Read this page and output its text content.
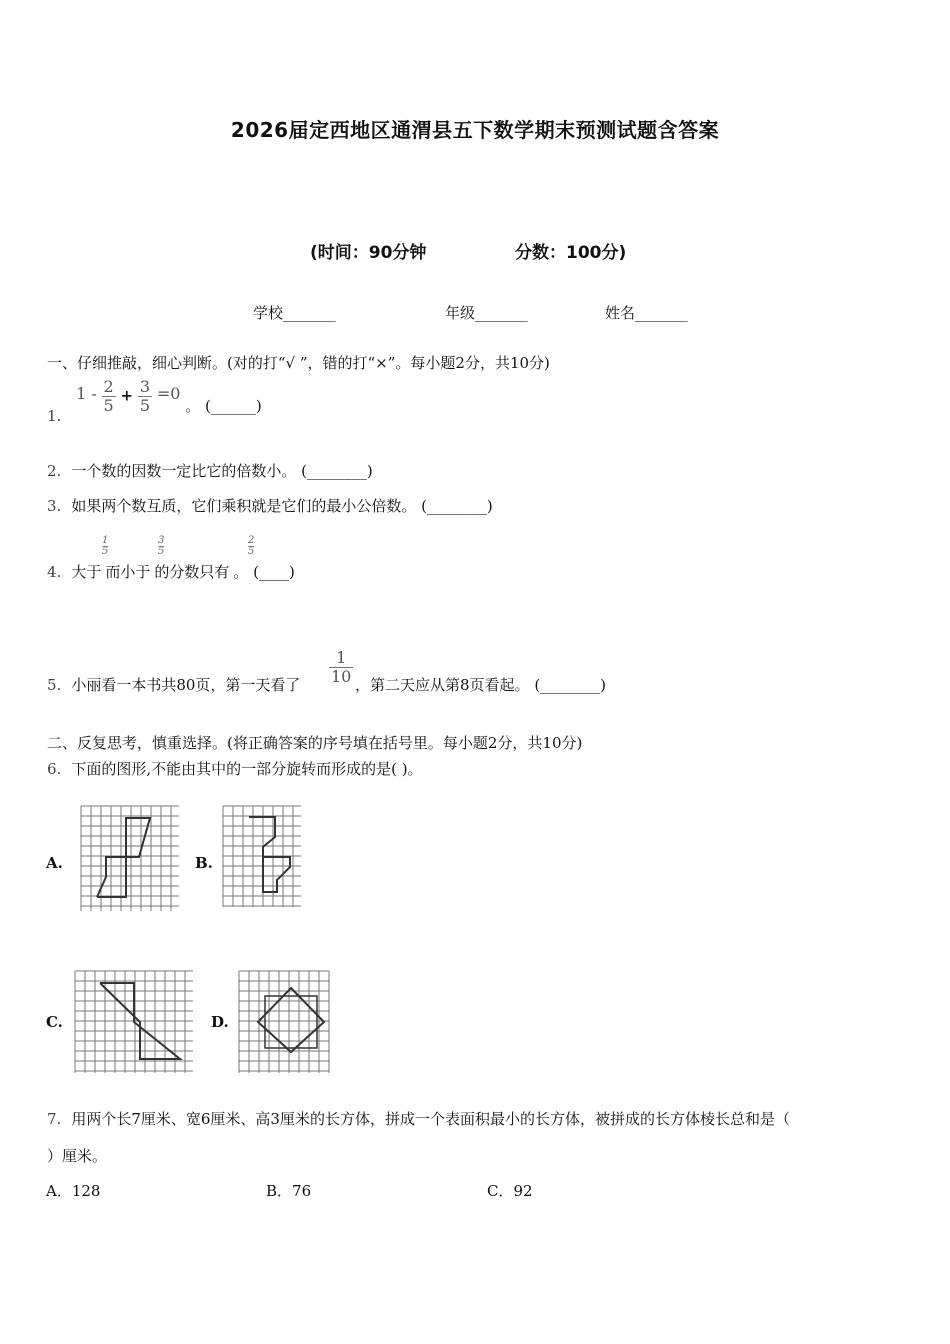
2026届定西地区通渭县五下数学期末预测试题含答案
(时间：90分钟	分数：100分)
学校_______	年级_______	姓名_______
一、仔细推敲，细心判断。(对的打“√ ”，错的打“×”。每小题2分，共10分)
1. $1 - \frac{2}{5} + \frac{3}{5} =0$ 。 (______)
2. 一个数的因数一定比它的倍数小。 (________)
3. 如果两个数互质，它们乘积就是它们的最小公倍数。 (________)
4. 大于 而小于 的分数只有 。 (____)
1
5
3
5
2
5
5. 小丽看一本书共80页，第一天看了 $\frac{1}{10}$ ，第二天应从第8页看起。 (________)
二、反复思考，慎重选择。(将正确答案的序号填在括号里。每小题2分，共10分)
6. 下面的图形,不能由其中的一部分旋转而形成的是( )。
A.	B.
C.	D.
7. 用两个长7厘米、宽6厘米、高3厘米的长方体，拼成一个表面积最小的长方体，被拼成的长方体棱长总和是（
）厘米。
A．128	B．76	C．92
